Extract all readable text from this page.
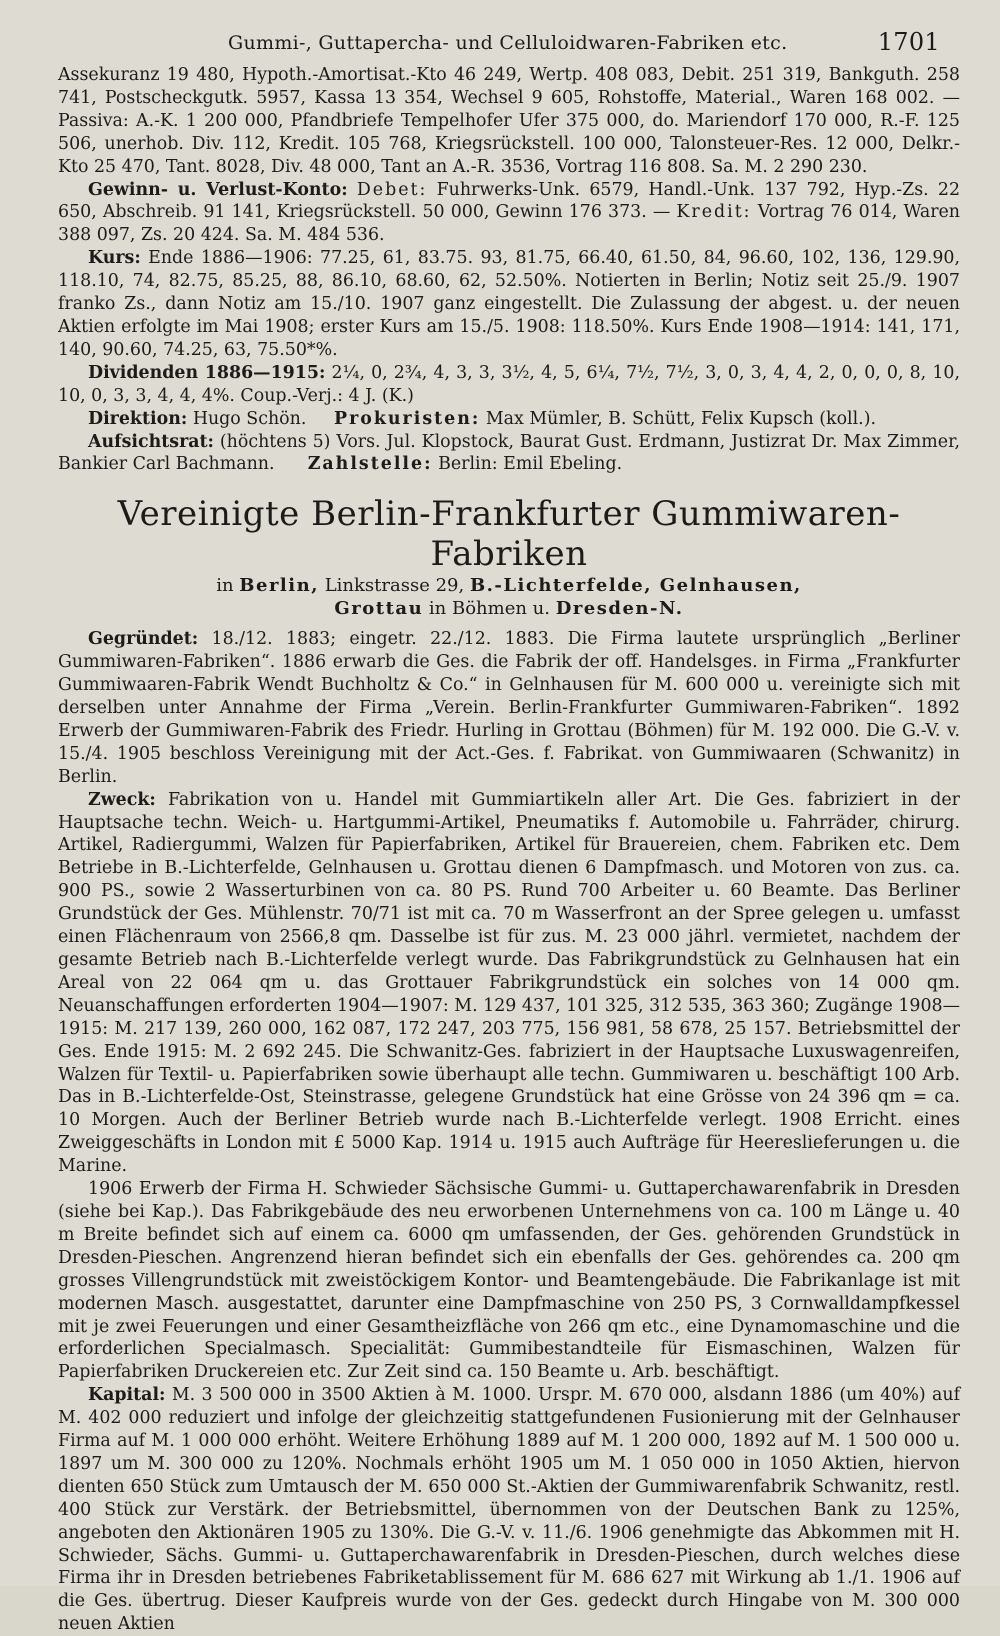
Gummi-, Guttapercha- und Celluloidwaren-Fabriken etc.	1701

Assekuranz 19 480, Hypoth.-Amortisat.-Kto 46 249, Wertp. 408 083, Debit. 251 319, Bankguth. 258 741, Postscheckgutk. 5957, Kassa 13 354, Wechsel 9 605, Rohstoffe, Material., Waren 168 002. — Passiva: A.-K. 1 200 000, Pfandbriefe Tempelhofer Ufer 375 000, do. Mariendorf 170 000, R.-F. 125 506, unerhob. Div. 112, Kredit. 105 768, Kriegsrückstell. 100 000, Talonsteuer-Res. 12 000, Delkr.-Kto 25 470, Tant. 8028, Div. 48 000, Tant an A.-R. 3536, Vortrag 116 808. Sa. M. 2 290 230.

Gewinn- u. Verlust-Konto: Debet: Fuhrwerks-Unk. 6579, Handl.-Unk. 137 792, Hyp.-Zs. 22 650, Abschreib. 91 141, Kriegsrückstell. 50 000, Gewinn 176 373. — Kredit: Vortrag 76 014, Waren 388 097, Zs. 20 424. Sa. M. 484 536.

Kurs: Ende 1886—1906: 77.25, 61, 83.75. 93, 81.75, 66.40, 61.50, 84, 96.60, 102, 136, 129.90, 118.10, 74, 82.75, 85.25, 88, 86.10, 68.60, 62, 52.50%. Notierten in Berlin; Notiz seit 25./9. 1907 franko Zs., dann Notiz am 15./10. 1907 ganz eingestellt. Die Zulassung der abgest. u. der neuen Aktien erfolgte im Mai 1908; erster Kurs am 15./5. 1908: 118.50%. Kurs Ende 1908—1914: 141, 171, 140, 90.60, 74.25, 63, 75.50*%.

Dividenden 1886—1915: 2¼, 0, 2¾, 4, 3, 3, 3½, 4, 5, 6¼, 7½, 7½, 3, 0, 3, 4, 4, 2, 0, 0, 0, 8, 10, 10, 0, 3, 3, 4, 4, 4%. Coup.-Verj.: 4 J. (K.)

Direktion: Hugo Schön. Prokuristen: Max Mümler, B. Schütt, Felix Kupsch (koll.).

Aufsichtsrat: (höchtens 5) Vors. Jul. Klopstock, Baurat Gust. Erdmann, Justizrat Dr. Max Zimmer, Bankier Carl Bachmann. Zahlstelle: Berlin: Emil Ebeling.

Vereinigte Berlin-Frankfurter Gummiwaren-Fabriken
in Berlin, Linkstrasse 29, B.-Lichterfelde, Gelnhausen,
Grottau in Böhmen u. Dresden-N.

Gegründet: 18./12. 1883; eingetr. 22./12. 1883. Die Firma lautete ursprünglich „Berliner Gummiwaren-Fabriken“. 1886 erwarb die Ges. die Fabrik der off. Handelsges. in Firma „Frankfurter Gummiwaaren-Fabrik Wendt Buchholtz & Co.“ in Gelnhausen für M. 600 000 u. vereinigte sich mit derselben unter Annahme der Firma „Verein. Berlin-Frankfurter Gummiwaren-Fabriken“. 1892 Erwerb der Gummiwaren-Fabrik des Friedr. Hurling in Grottau (Böhmen) für M. 192 000. Die G.-V. v. 15./4. 1905 beschloss Vereinigung mit der Act.-Ges. f. Fabrikat. von Gummiwaaren (Schwanitz) in Berlin.

Zweck: Fabrikation von u. Handel mit Gummiartikeln aller Art. Die Ges. fabriziert in der Hauptsache techn. Weich- u. Hartgummi-Artikel, Pneumatiks f. Automobile u. Fahrräder, chirurg. Artikel, Radiergummi, Walzen für Papierfabriken, Artikel für Brauereien, chem. Fabriken etc. Dem Betriebe in B.-Lichterfelde, Gelnhausen u. Grottau dienen 6 Dampfmasch. und Motoren von zus. ca. 900 PS., sowie 2 Wasserturbinen von ca. 80 PS. Rund 700 Arbeiter u. 60 Beamte. Das Berliner Grundstück der Ges. Mühlenstr. 70/71 ist mit ca. 70 m Wasserfront an der Spree gelegen u. umfasst einen Flächenraum von 2566,8 qm. Dasselbe ist für zus. M. 23 000 jährl. vermietet, nachdem der gesamte Betrieb nach B.-Lichterfelde verlegt wurde. Das Fabrikgrundstück zu Gelnhausen hat ein Areal von 22 064 qm u. das Grottauer Fabrikgrundstück ein solches von 14 000 qm. Neuanschaffungen erforderten 1904—1907: M. 129 437, 101 325, 312 535, 363 360; Zugänge 1908—1915: M. 217 139, 260 000, 162 087, 172 247, 203 775, 156 981, 58 678, 25 157. Betriebsmittel der Ges. Ende 1915: M. 2 692 245. Die Schwanitz-Ges. fabriziert in der Hauptsache Luxuswagenreifen, Walzen für Textil- u. Papierfabriken sowie überhaupt alle techn. Gummiwaren u. beschäftigt 100 Arb. Das in B.-Lichterfelde-Ost, Steinstrasse, gelegene Grundstück hat eine Grösse von 24 396 qm = ca. 10 Morgen. Auch der Berliner Betrieb wurde nach B.-Lichterfelde verlegt. 1908 Erricht. eines Zweiggeschäfts in London mit £ 5000 Kap. 1914 u. 1915 auch Aufträge für Heereslieferungen u. die Marine.

1906 Erwerb der Firma H. Schwieder Sächsische Gummi- u. Guttaperchawarenfabrik in Dresden (siehe bei Kap.). Das Fabrikgebäude des neu erworbenen Unternehmens von ca. 100 m Länge u. 40 m Breite befindet sich auf einem ca. 6000 qm umfassenden, der Ges. gehörenden Grundstück in Dresden-Pieschen. Angrenzend hieran befindet sich ein ebenfalls der Ges. gehörendes ca. 200 qm grosses Villengrundstück mit zweistöckigem Kontor- und Beamtengebäude. Die Fabrikanlage ist mit modernen Masch. ausgestattet, darunter eine Dampfmaschine von 250 PS, 3 Cornwalldampfkessel mit je zwei Feuerungen und einer Gesamtheizfläche von 266 qm etc., eine Dynamomaschine und die erforderlichen Specialmasch. Specialität: Gummibestandteile für Eismaschinen, Walzen für Papierfabriken Druckereien etc. Zur Zeit sind ca. 150 Beamte u. Arb. beschäftigt.

Kapital: M. 3 500 000 in 3500 Aktien à M. 1000. Urspr. M. 670 000, alsdann 1886 (um 40%) auf M. 402 000 reduziert und infolge der gleichzeitig stattgefundenen Fusionierung mit der Gelnhauser Firma auf M. 1 000 000 erhöht. Weitere Erhöhung 1889 auf M. 1 200 000, 1892 auf M. 1 500 000 u. 1897 um M. 300 000 zu 120%. Nochmals erhöht 1905 um M. 1 050 000 in 1050 Aktien, hiervon dienten 650 Stück zum Umtausch der M. 650 000 St.-Aktien der Gummiwarenfabrik Schwanitz, restl. 400 Stück zur Verstärk. der Betriebsmittel, übernommen von der Deutschen Bank zu 125%, angeboten den Aktionären 1905 zu 130%. Die G.-V. v. 11./6. 1906 genehmigte das Abkommen mit H. Schwieder, Sächs. Gummi- u. Guttaperchawarenfabrik in Dresden-Pieschen, durch welches diese Firma ihr in Dresden betriebenes Fabriketablissement für M. 686 627 mit Wirkung ab 1./1. 1906 auf die Ges. übertrug. Dieser Kaufpreis wurde von der Ges. gedeckt durch Hingabe von M. 300 000 neuen Aktien
